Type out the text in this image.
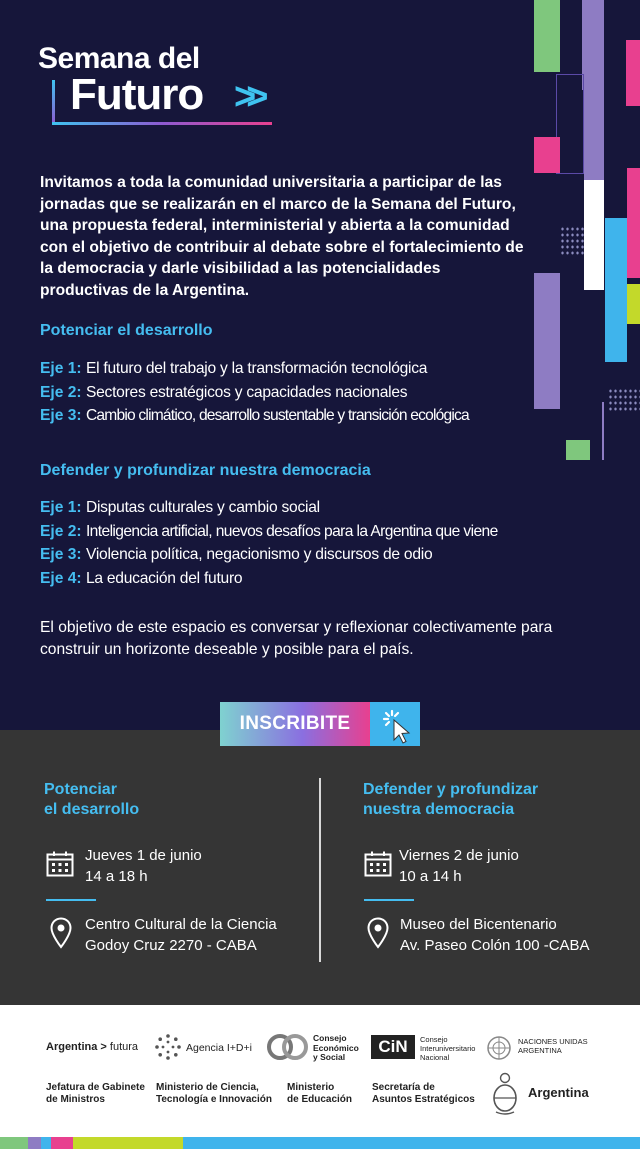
Semana del
Futuro >>
Invitamos a toda la comunidad universitaria a participar de las jornadas que se realizarán en el marco de la Semana del Futuro, una propuesta federal, interministerial y abierta a la comunidad con el objetivo de contribuir al debate sobre el fortalecimiento de la democracia y darle visibilidad a las potencialidades productivas de la Argentina.
Potenciar el desarrollo
Eje 1: El futuro del trabajo y la transformación tecnológica
Eje 2: Sectores estratégicos y capacidades nacionales
Eje 3: Cambio climático, desarrollo sustentable y transición ecológica
Defender y profundizar nuestra democracia
Eje 1: Disputas culturales y cambio social
Eje 2: Inteligencia artificial, nuevos desafíos para la Argentina que viene
Eje 3: Violencia política, negacionismo y discursos de odio
Eje 4: La educación del futuro
El objetivo de este espacio es conversar y reflexionar colectivamente para construir un horizonte deseable y posible para el país.
INSCRIBITE
Potenciar
el desarrollo
Jueves 1 de junio
14 a 18 h
Centro Cultural de la Ciencia
Godoy Cruz 2270 - CABA
Defender y profundizar
nuestra democracia
Viernes 2 de junio
10 a 14 h
Museo del Bicentenario
Av. Paseo Colón 100 -CABA
Argentina > futura	Agencia I+D+i
Consejo
Económico
y Social
CiN	Consejo
Interuniversitario
Nacional
NACIONES UNIDAS
ARGENTINA
Jefatura de Gabinete
de Ministros
Ministerio de Ciencia,
Tecnología e Innovación
Ministerio
de Educación
Secretaría de
Asuntos Estratégicos	Argentina
